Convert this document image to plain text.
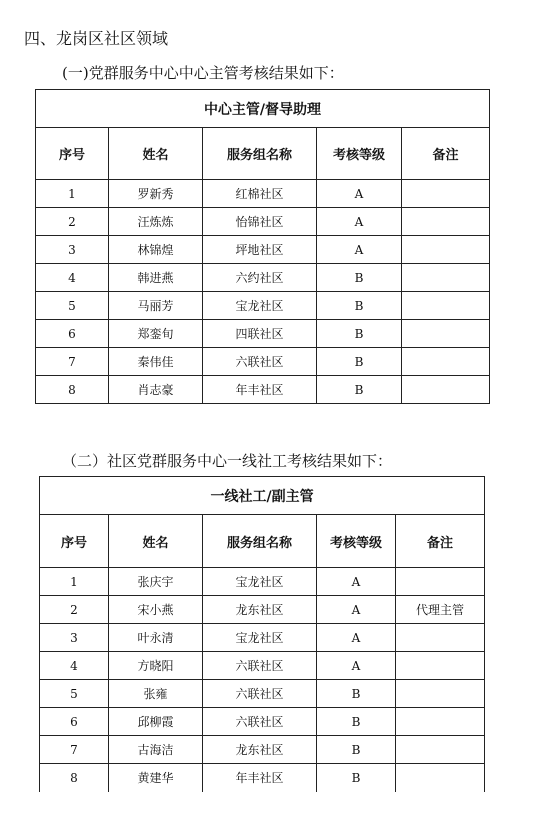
四、龙岗区社区领域
(一)党群服务中心中心主管考核结果如下：
中心主管/督导助理				
序号	姓名	服务组名称	考核等级	备注
1	罗新秀	红棉社区	A	
2	汪炼炼	怡锦社区	A	
3	林锦煌	坪地社区	A	
4	韩进燕	六约社区	B	
5	马丽芳	宝龙社区	B	
6	郑銮旬	四联社区	B	
7	秦伟佳	六联社区	B	
8	肖志豪	年丰社区	B	
（二）社区党群服务中心一线社工考核结果如下：
一线社工/副主管				
序号	姓名	服务组名称	考核等级	备注
1	张庆宇	宝龙社区	A	
2	宋小燕	龙东社区	A	代理主管
3	叶永清	宝龙社区	A	
4	方晓阳	六联社区	A	
5	张雍	六联社区	B	
6	邱柳霞	六联社区	B	
7	古海洁	龙东社区	B	
8	黄建华	年丰社区	B	
